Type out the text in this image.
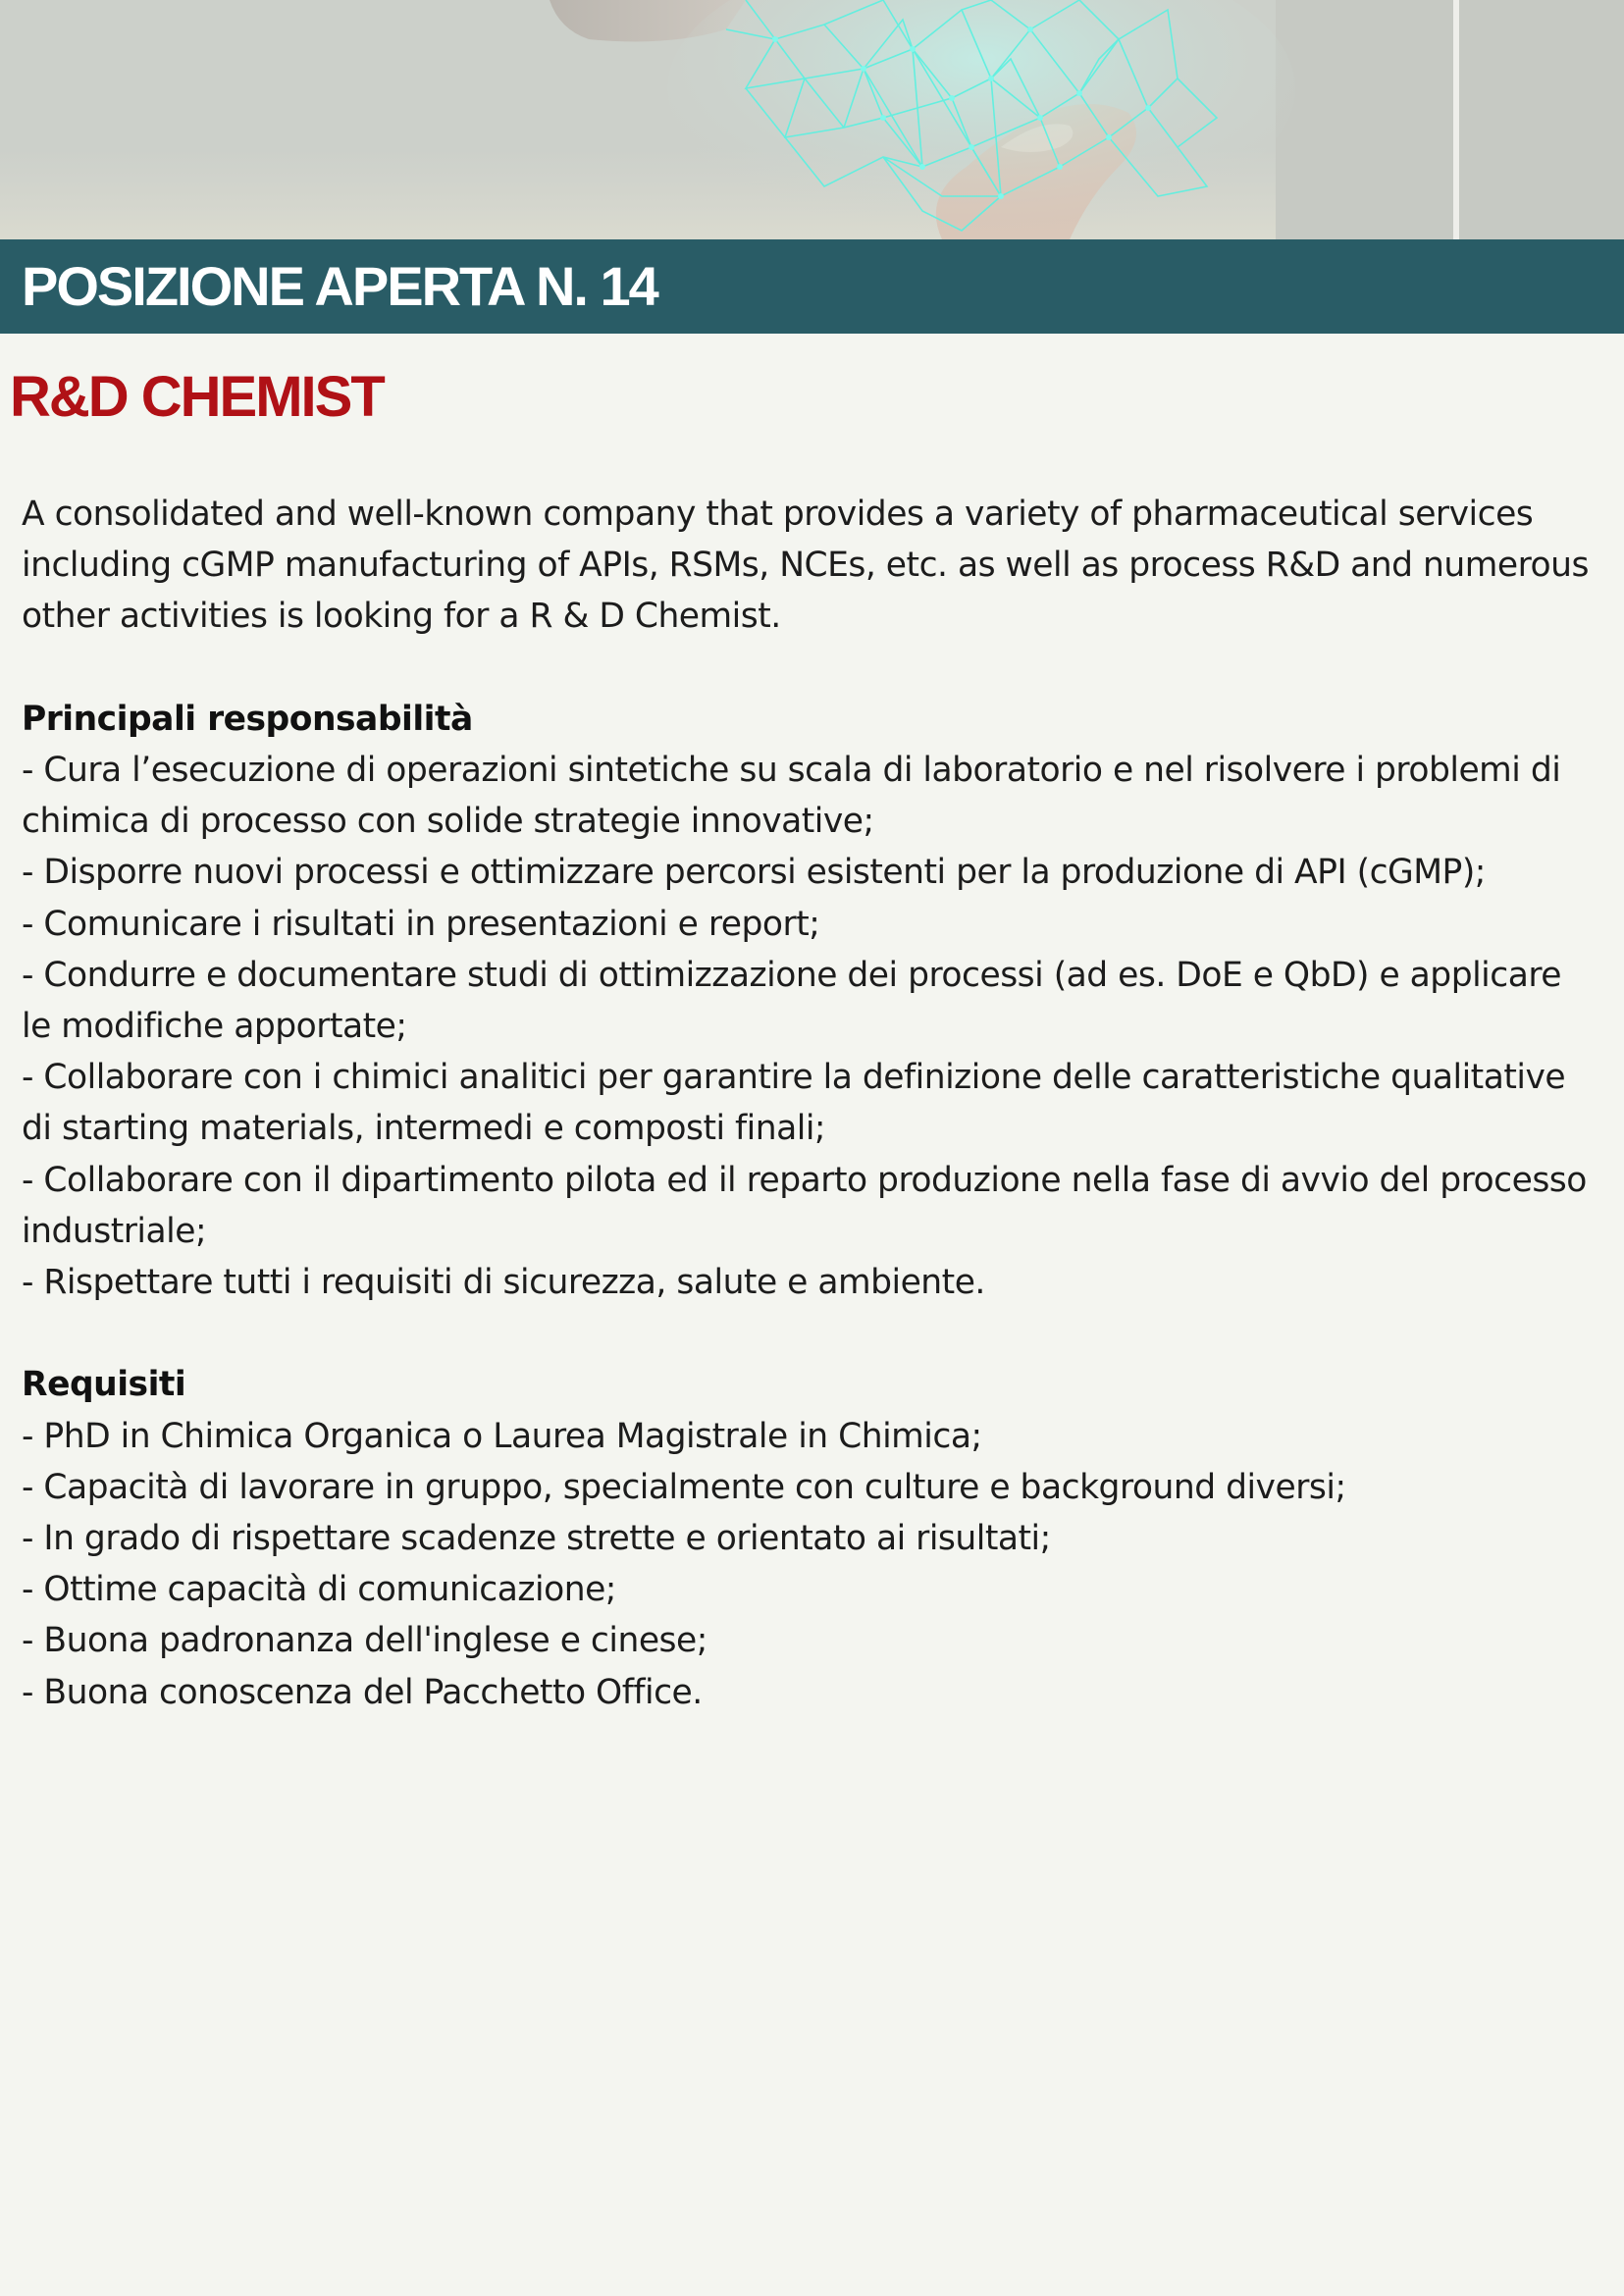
POSIZIONE APERTA N. 14
R&D CHEMIST

A consolidated and well-known company that provides a variety of pharmaceutical services including cGMP manufacturing of APIs, RSMs, NCEs, etc. as well as process R&D and numerous other activities is looking for a R & D Chemist.

Principali responsabilità

- Cura l’esecuzione di operazioni sintetiche su scala di laboratorio e nel risolvere i problemi di chimica di processo con solide strategie innovative;
- Disporre nuovi processi e ottimizzare percorsi esistenti per la produzione di API (cGMP);
- Comunicare i risultati in presentazioni e report;
- Condurre e documentare studi di ottimizzazione dei processi (ad es. DoE e QbD) e applicare le modifiche apportate;
- Collaborare con i chimici analitici per garantire la definizione delle caratteristiche qualitative di starting materials, intermedi e composti finali;
- Collaborare con il dipartimento pilota ed il reparto produzione nella fase di avvio del processo industriale;
- Rispettare tutti i requisiti di sicurezza, salute e ambiente.

Requisiti

- PhD in Chimica Organica o Laurea Magistrale in Chimica;
- Capacità di lavorare in gruppo, specialmente con culture e background diversi;
- In grado di rispettare scadenze strette e orientato ai risultati;
- Ottime capacità di comunicazione;
- Buona padronanza dell'inglese e cinese;
- Buona conoscenza del Pacchetto Office.
